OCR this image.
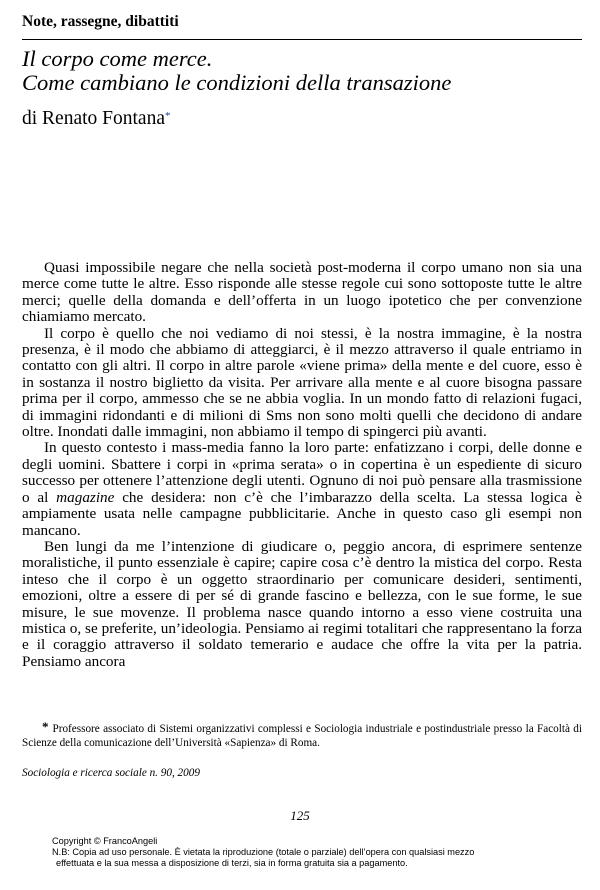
Note, rassegne, dibattiti
Il corpo come merce.
Come cambiano le condizioni della transazione
di Renato Fontana*

Quasi impossibile negare che nella società post-moderna il corpo umano non sia una merce come tutte le altre. Esso risponde alle stesse regole cui sono sottoposte tutte le altre merci; quelle della domanda e dell’offerta in un luogo ipotetico che per convenzione chiamiamo mercato.

Il corpo è quello che noi vediamo di noi stessi, è la nostra immagine, è la nostra presenza, è il modo che abbiamo di atteggiarci, è il mezzo attraverso il quale entriamo in contatto con gli altri. Il corpo in altre parole «viene prima» della mente e del cuore, esso è in sostanza il nostro biglietto da visita. Per arrivare alla mente e al cuore bisogna passare prima per il corpo, ammesso che se ne abbia voglia. In un mondo fatto di relazioni fugaci, di immagini ridondanti e di milioni di Sms non sono molti quelli che decidono di andare oltre. Inondati dalle immagini, non abbiamo il tempo di spingerci più avanti.

In questo contesto i mass-media fanno la loro parte: enfatizzano i corpi, delle donne e degli uomini. Sbattere i corpi in «prima serata» o in copertina è un espediente di sicuro successo per ottenere l’attenzione degli utenti. Ognuno di noi può pensare alla trasmissione o al magazine che desidera: non c’è che l’imbarazzo della scelta. La stessa logica è ampiamente usata nelle campagne pubblicitarie. Anche in questo caso gli esempi non mancano.

Ben lungi da me l’intenzione di giudicare o, peggio ancora, di esprimere sentenze moralistiche, il punto essenziale è capire; capire cosa c’è dentro la mistica del corpo. Resta inteso che il corpo è un oggetto straordinario per comunicare desideri, sentimenti, emozioni, oltre a essere di per sé di grande fascino e bellezza, con le sue forme, le sue misure, le sue movenze. Il problema nasce quando intorno a esso viene costruita una mistica o, se preferite, un’ideologia. Pensiamo ai regimi totalitari che rappresentano la forza e il coraggio attraverso il soldato temerario e audace che offre la vita per la patria. Pensiamo ancora

* Professore associato di Sistemi organizzativi complessi e Sociologia industriale e postindustriale presso la Facoltà di Scienze della comunicazione dell’Università «Sapienza» di Roma.
Sociologia e ricerca sociale n. 90, 2009
125
Copyright © FrancoAngeli
N.B: Copia ad uso personale. È vietata la riproduzione (totale o parziale) dell’opera con qualsiasi mezzo
effettuata e la sua messa a disposizione di terzi, sia in forma gratuita sia a pagamento.
